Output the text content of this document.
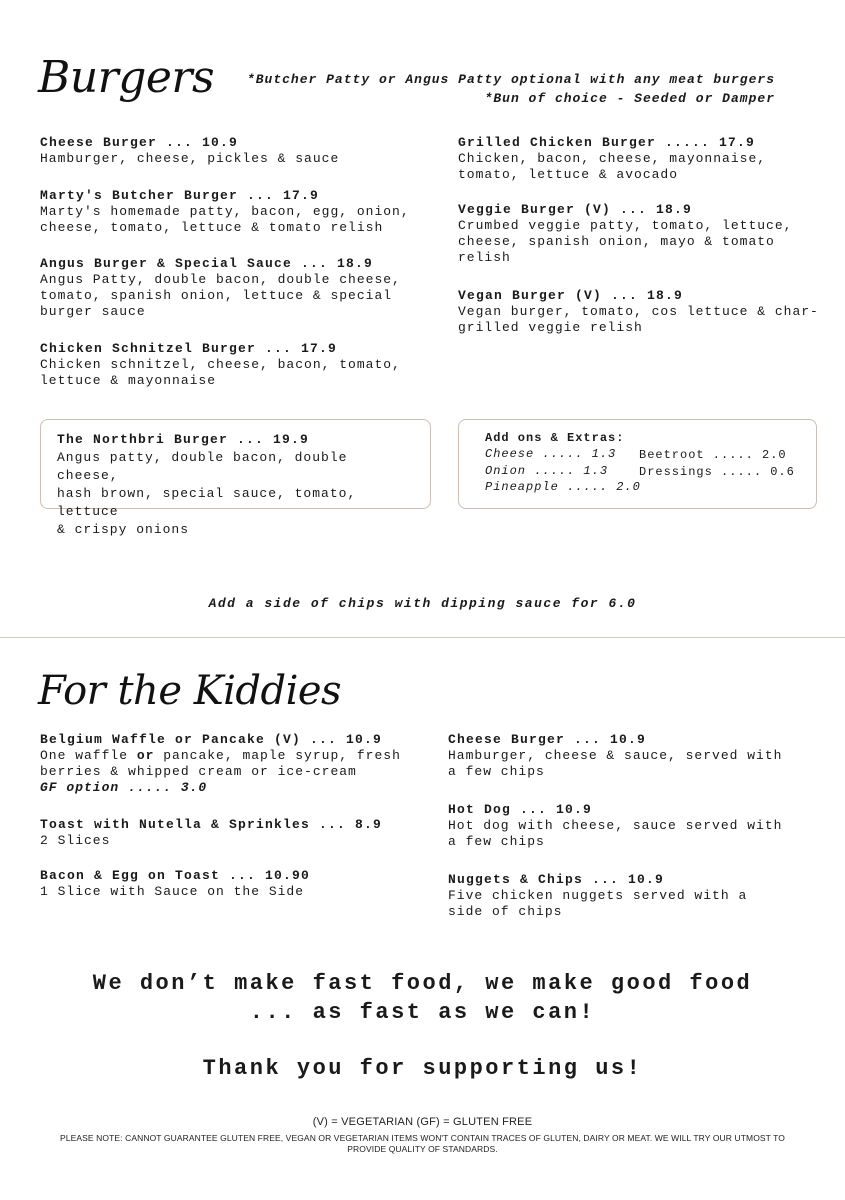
Burgers	*Butcher Patty or Angus Patty optional with any meat burgers
*Bun of choice - Seeded or Damper
Cheese Burger ... 10.9
Hamburger, cheese, pickles & sauce
Marty's Butcher Burger ... 17.9
Marty's homemade patty, bacon, egg, onion,
cheese, tomato, lettuce & tomato relish
Angus Burger & Special Sauce ... 18.9
Angus Patty, double bacon, double cheese,
tomato, spanish onion, lettuce & special
burger sauce
Chicken Schnitzel Burger ... 17.9
Chicken schnitzel, cheese, bacon, tomato,
lettuce & mayonnaise
Grilled Chicken Burger ..... 17.9
Chicken, bacon, cheese, mayonnaise,
tomato, lettuce & avocado
Veggie Burger (V) ... 18.9
Crumbed veggie patty, tomato, lettuce,
cheese, spanish onion, mayo & tomato
relish
Vegan Burger (V) ... 18.9
Vegan burger, tomato, cos lettuce & char-
grilled veggie relish
The Northbri Burger ... 19.9
Angus patty, double bacon, double cheese,
hash brown, special sauce, tomato, lettuce
& crispy onions
Add ons & Extras:
Cheese ..... 1.3
Onion ..... 1.3
Pineapple ..... 2.0
Beetroot ..... 2.0
Dressings ..... 0.6
Add a side of chips with dipping sauce for 6.0
For the Kiddies
Belgium Waffle or Pancake (V) ... 10.9
One waffle or pancake, maple syrup, fresh
berries & whipped cream or ice-cream
GF option ..... 3.0
Toast with Nutella & Sprinkles ... 8.9
2 Slices
Bacon & Egg on Toast ... 10.90
1 Slice with Sauce on the Side
Cheese Burger ... 10.9
Hamburger, cheese & sauce, served with
a few chips
Hot Dog ... 10.9
Hot dog with cheese, sauce served with
a few chips
Nuggets & Chips ... 10.9
Five chicken nuggets served with a
side of chips
We don’t make fast food, we make good food
... as fast as we can!
Thank you for supporting us!
(V) = VEGETARIAN (GF) = GLUTEN FREE
PLEASE NOTE: CANNOT GUARANTEE GLUTEN FREE, VEGAN OR VEGETARIAN ITEMS WON'T CONTAIN TRACES OF GLUTEN, DAIRY OR MEAT. WE WILL TRY OUR UTMOST TO PROVIDE QUALITY OF STANDARDS.
